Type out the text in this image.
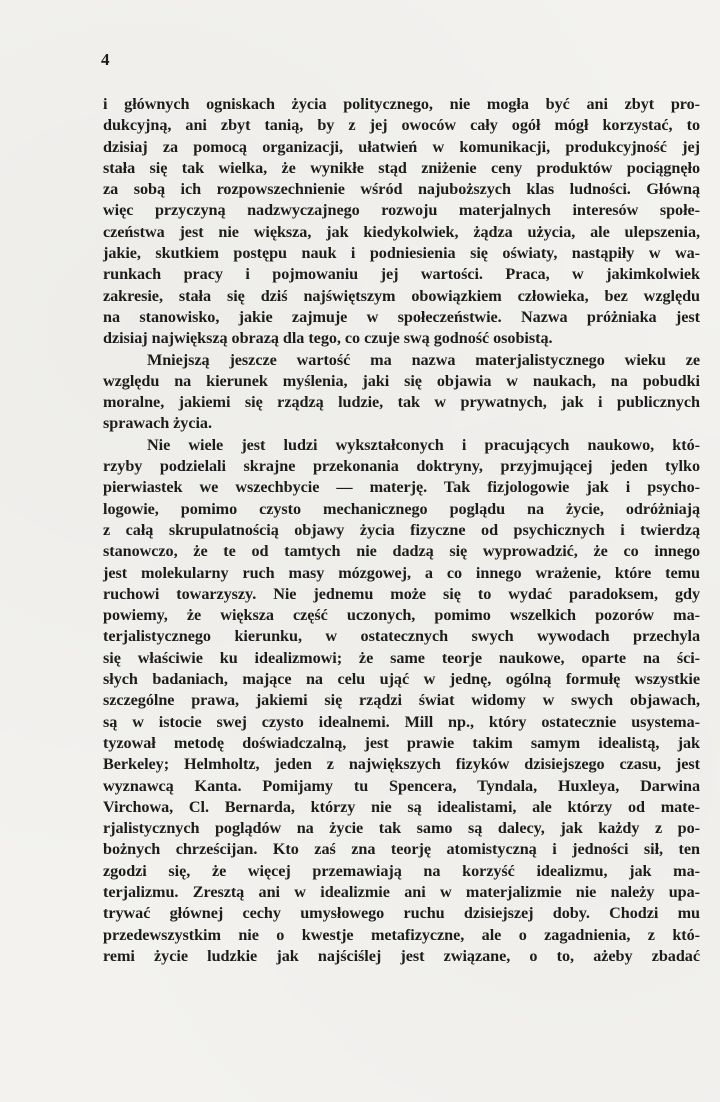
4

i głównych ogniskach życia politycznego, nie mogła być ani zbyt pro-

dukcyjną, ani zbyt tanią, by z jej owoców cały ogół mógł korzystać, to

dzisiaj za pomocą organizacji, ułatwień w komunikacji, produkcyjność jej

stała się tak wielka, że wynikłe stąd zniżenie ceny produktów pociągnęło

za sobą ich rozpowszechnienie wśród najuboższych klas ludności. Główną

więc przyczyną nadzwyczajnego rozwoju materjalnych interesów społe-

czeństwa jest nie większa, jak kiedykolwiek, żądza użycia, ale ulepszenia,

jakie, skutkiem postępu nauk i podniesienia się oświaty, nastąpiły w wa-

runkach pracy i pojmowaniu jej wartości. Praca, w jakimkolwiek

zakresie, stała się dziś najświętszym obowiązkiem człowieka, bez względu

na stanowisko, jakie zajmuje w społeczeństwie. Nazwa próżniaka jest

dzisiaj największą obrazą dla tego, co czuje swą godność osobistą.

Mniejszą jeszcze wartość ma nazwa materjalistycznego wieku ze

względu na kierunek myślenia, jaki się objawia w naukach, na pobudki

moralne, jakiemi się rządzą ludzie, tak w prywatnych, jak i publicznych

sprawach życia.

Nie wiele jest ludzi wykształconych i pracujących naukowo, któ-

rzyby podzielali skrajne przekonania doktryny, przyjmującej jeden tylko

pierwiastek we wszechbycie — materję. Tak fizjologowie jak i psycho-

logowie, pomimo czysto mechanicznego poglądu na życie, odróżniają

z całą skrupulatnością objawy życia fizyczne od psychicznych i twierdzą

stanowczo, że te od tamtych nie dadzą się wyprowadzić, że co innego

jest molekularny ruch masy mózgowej, a co innego wrażenie, które temu

ruchowi towarzyszy. Nie jednemu może się to wydać paradoksem, gdy

powiemy, że większa część uczonych, pomimo wszelkich pozorów ma-

terjalistycznego kierunku, w ostatecznych swych wywodach przechyla

się właściwie ku idealizmowi; że same teorje naukowe, oparte na ści-

słych badaniach, mające na celu ująć w jednę, ogólną formułę wszystkie

szczególne prawa, jakiemi się rządzi świat widomy w swych objawach,

są w istocie swej czysto idealnemi. Mill np., który ostatecznie usystema-

tyzował metodę doświadczalną, jest prawie takim samym idealistą, jak

Berkeley; Helmholtz, jeden z największych fizyków dzisiejszego czasu, jest

wyznawcą Kanta. Pomijamy tu Spencera, Tyndala, Huxleya, Darwina

Virchowa, Cl. Bernarda, którzy nie są idealistami, ale którzy od mate-

rjalistycznych poglądów na życie tak samo są dalecy, jak każdy z po-

bożnych chrześcijan. Kto zaś zna teorję atomistyczną i jedności sił, ten

zgodzi się, że więcej przemawiają na korzyść idealizmu, jak ma-

terjalizmu. Zresztą ani w idealizmie ani w materjalizmie nie należy upa-

trywać głównej cechy umysłowego ruchu dzisiejszej doby. Chodzi mu

przedewszystkim nie o kwestje metafizyczne, ale o zagadnienia, z któ-

remi życie ludzkie jak najściślej jest związane, o to, ażeby zbadać
